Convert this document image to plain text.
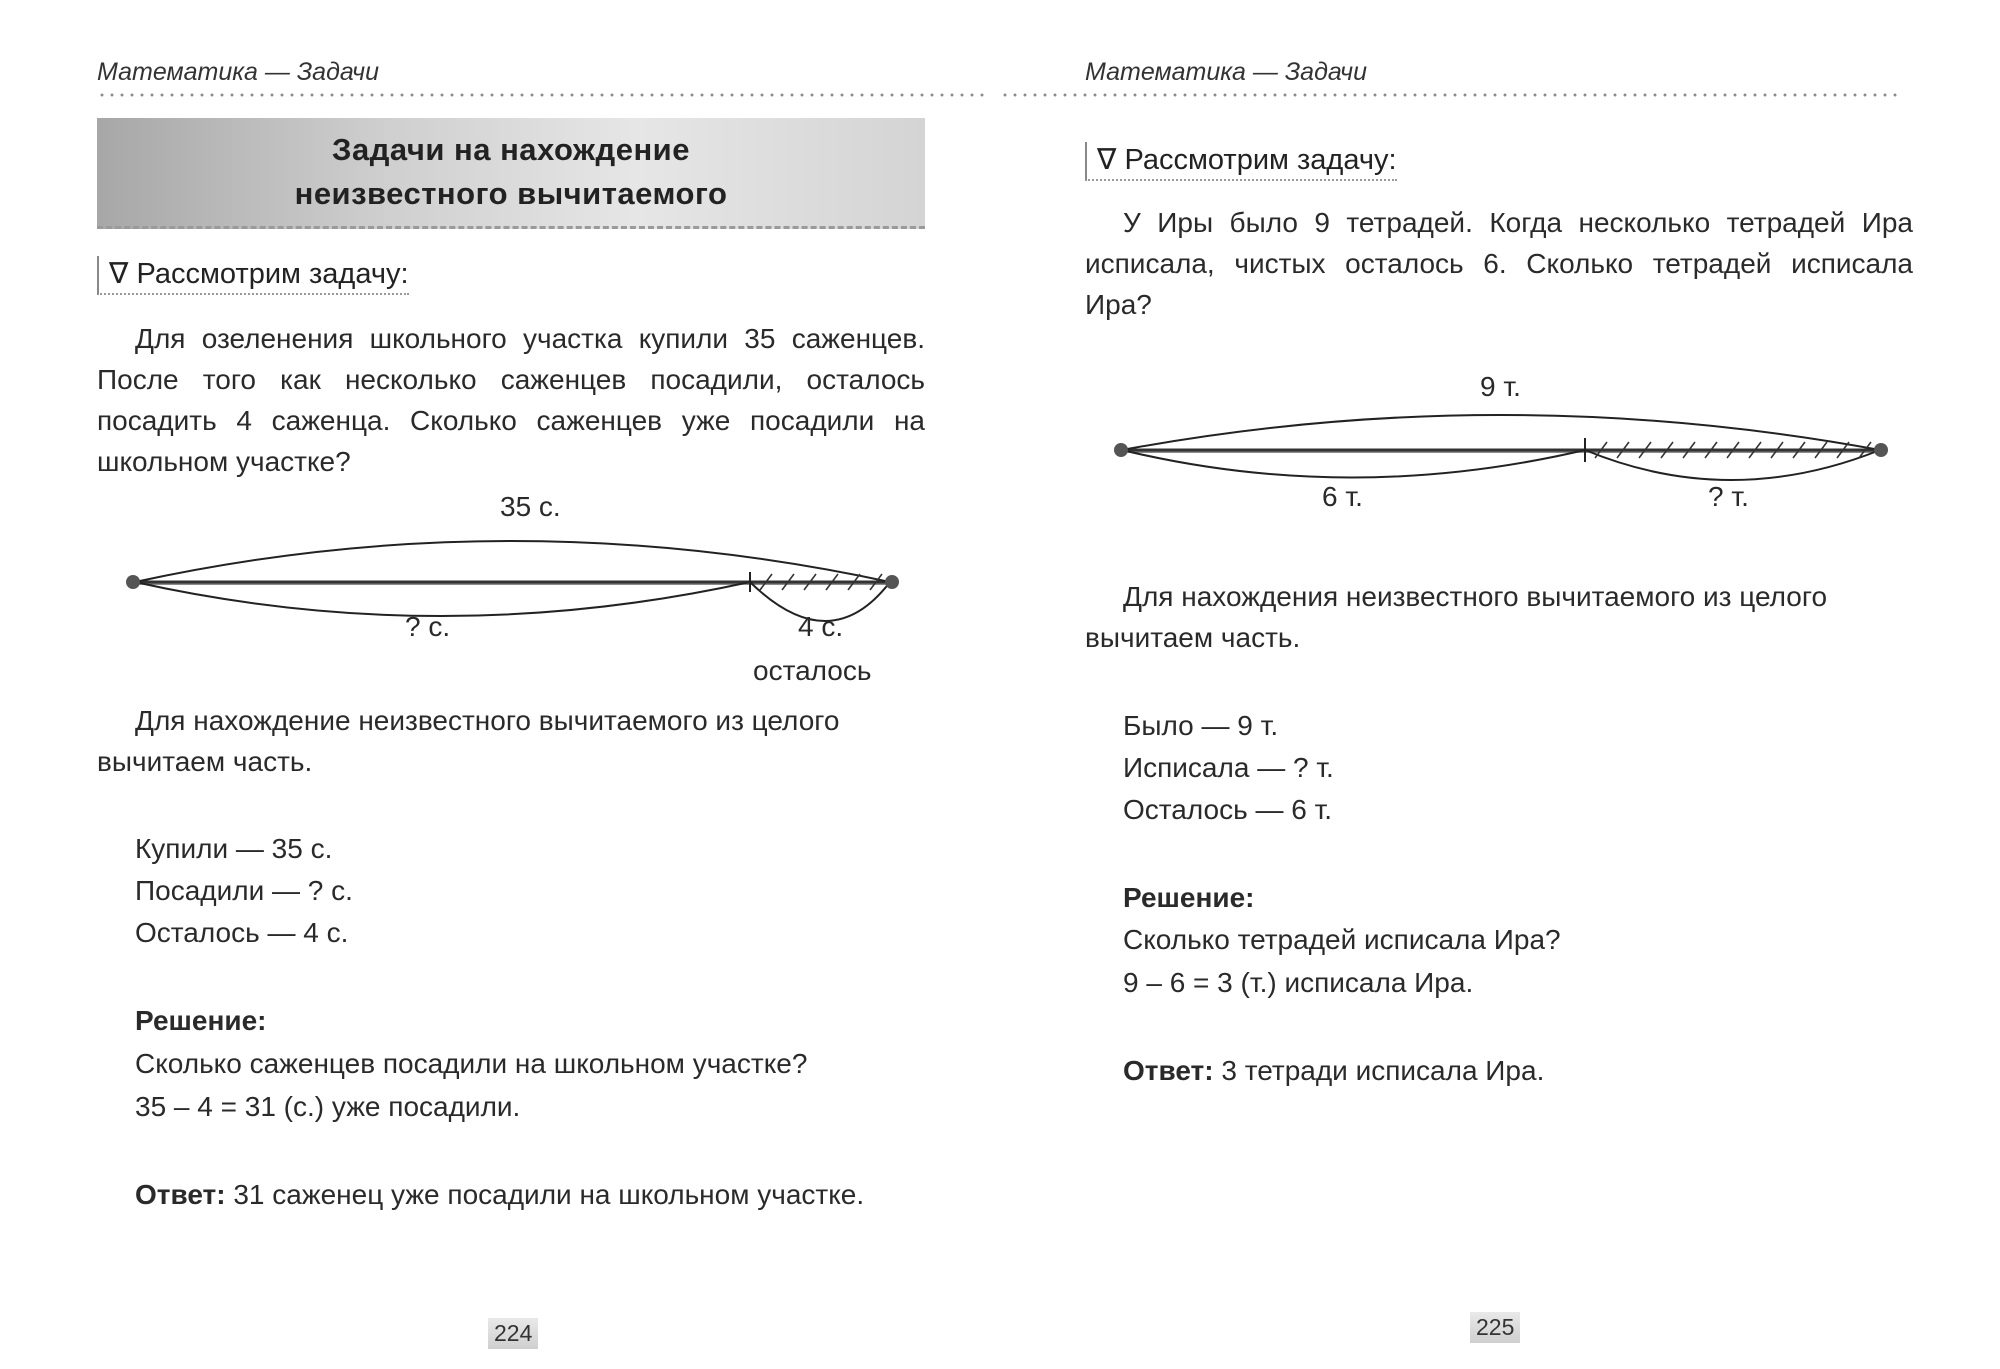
Математика — Задачи
Задачи на нахождение
неизвестного вычитаемого
∇ Рассмотрим задачу:

Для озеленения школьного участка купили 35 саженцев. После того как несколько саженцев посадили, осталось посадить 4 саженца. Сколько саженцев уже посадили на школьном участке?

35 с.
? с.	4 с.
осталось

Для нахождение неизвестного вычитаемого из целого вычитаем часть.

Купили — 35 с.
Посадили — ? с.
Осталось — 4 с.
Решение:
Сколько саженцев посадили на школьном участке?
35 – 4 = 31 (с.) уже посадили.

Ответ: 31 саженец уже посадили на школьном участке.

224
Математика — Задачи
∇ Рассмотрим задачу:

У Иры было 9 тетрадей. Когда несколько тетрадей Ира исписала, чистых осталось 6. Сколько тетрадей исписала Ира?

9 т.
6 т.	? т.

Для нахождения неизвестного вычитаемого из целого вычитаем часть.

Было — 9 т.
Исписала — ? т.
Осталось — 6 т.
Решение:
Сколько тетрадей исписала Ира?
9 – 6 = 3 (т.) исписала Ира.
Ответ: 3 тетради исписала Ира.
225
